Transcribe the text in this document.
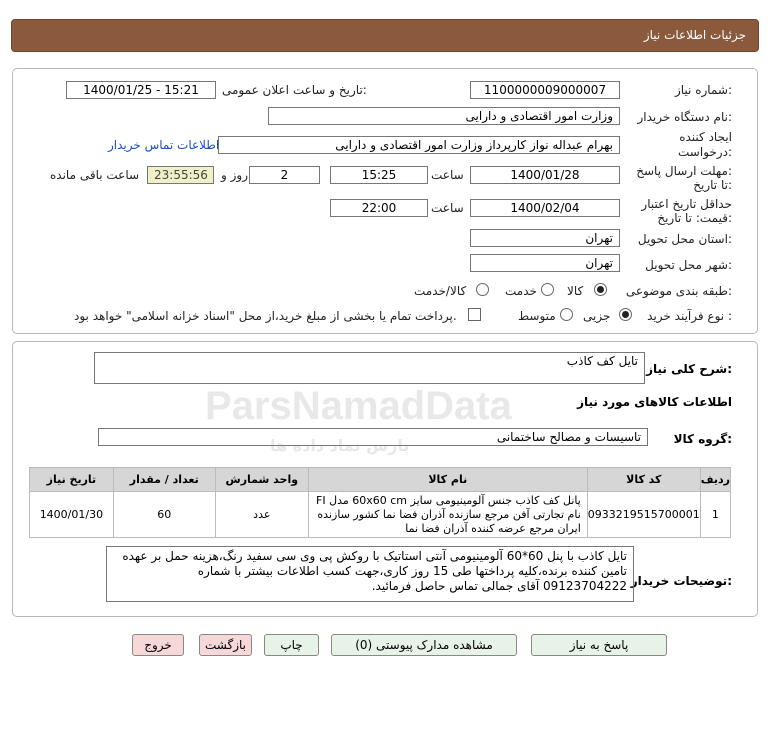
جزئیات اطلاعات نیاز
شماره نیاز:
1100000009000007
تاریخ و ساعت اعلان عمومی:
1400/01/25 - 15:21
نام دستگاه خریدار:
وزارت امور اقتصادی و دارایی
ایجاد کننده
درخواست:
بهرام عبداله نواز کارپرداز وزارت امور اقتصادی و دارایی
اطلاعات تماس خریدار
مهلت ارسال پاسخ:
تا تاریخ:
1400/01/28
ساعت
15:25
2
روز و
23:55:56
ساعت باقی مانده
حداقل تاریخ اعتبار
قیمت: تا تاریخ:
1400/02/04
ساعت
22:00
استان محل تحویل:
تهران
شهر محل تحویل:
تهران
طبقه بندی موضوعی:
کالا
خدمت
کالا/خدمت
نوع فرآیند خرید :
جزیی
متوسط
پرداخت تمام یا بخشی از مبلغ خرید،از محل "اسناد خزانه اسلامی" خواهد بود.
شرح کلی نیاز:
تایل کف کاذب
اطلاعات کالاهای مورد نیاز
گروه کالا:
تاسیسات و مصالح ساختمانی
ردیف	کد کالا	نام کالا	واحد شمارش	تعداد / مقدار	تاریخ نیاز
1	0933219515700001	پانل کف کاذب جنس آلومینیومی سایز 60x60 cm مدل FI نام تجارتی آفن مرجع سازنده آذران فضا نما کشور سازنده ایران مرجع عرضه کننده آذران فضا نما	عدد	60	1400/01/30
توضیحات خریدار:
تایل کاذب با پنل 60*60 آلومینیومی آنتی استاتیک با روکش پی وی سی سفید رنگ،هزینه حمل بر عهده تامین کننده برنده،کلیه پرداختها طی 15 روز کاری،جهت کسب اطلاعات بیشتر با شماره 09123704222 آقای جمالی تماس حاصل فرمائید.
ParsNamadData
پارس نماد داده ها
پاسخ به نیاز
مشاهده مدارک پیوستی (0)
چاپ
بازگشت
خروج
